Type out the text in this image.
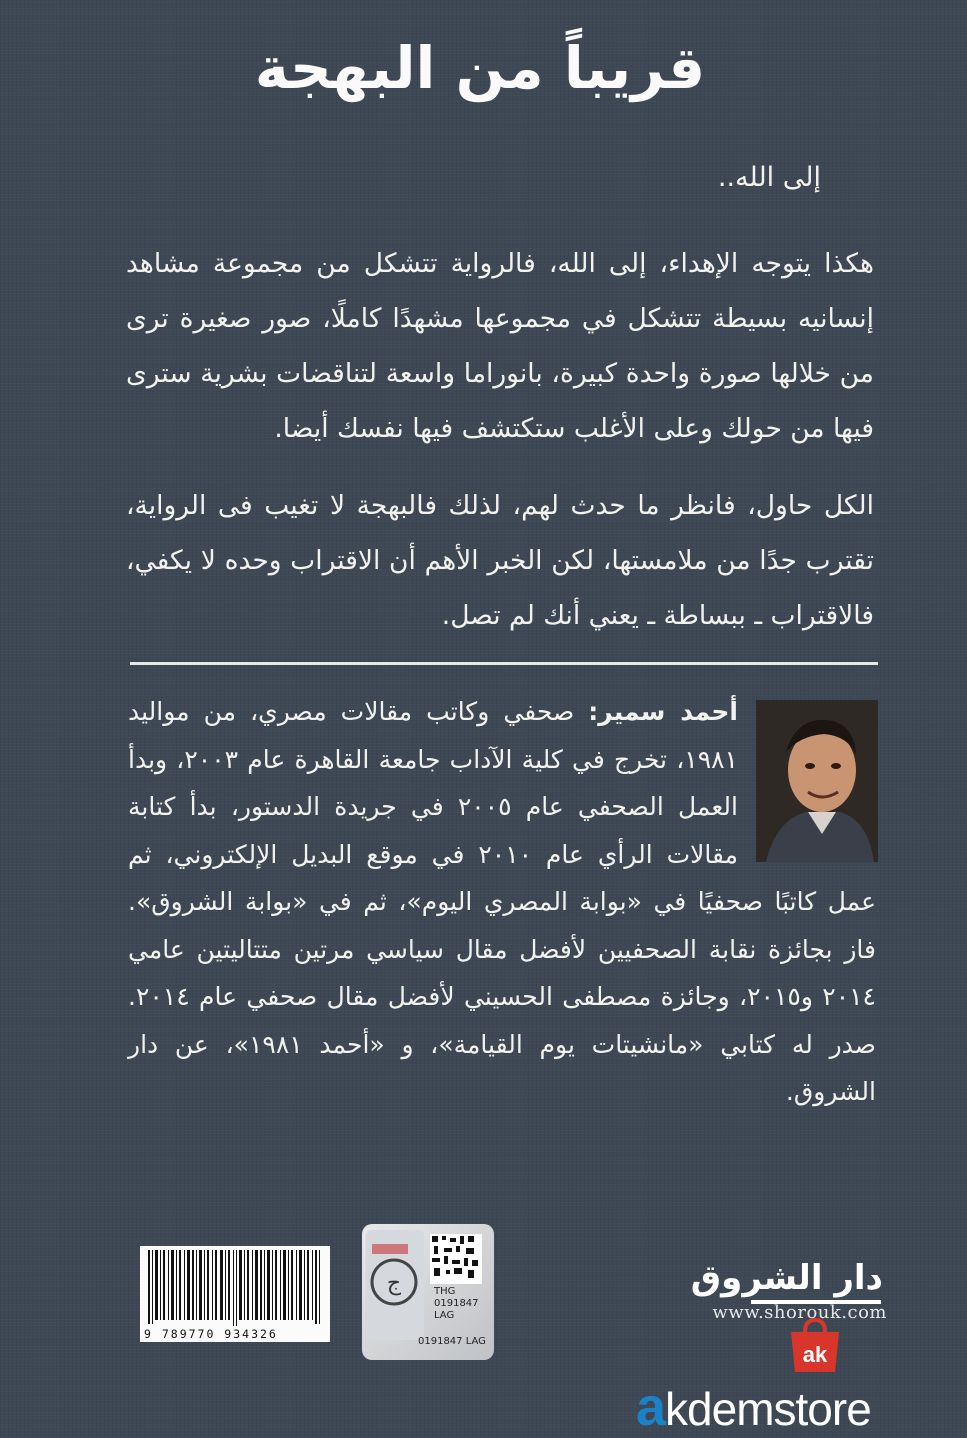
قريباً من البهجة
إلى الله..
هكذا يتوجه الإهداء، إلى الله، فالرواية تتشكل من مجموعة مشاهد إنسانيه بسيطة تتشكل في مجموعها مشهدًا كاملًا، صور صغيرة ترى من خلالها صورة واحدة كبيرة، بانوراما واسعة لتناقضات بشرية سترى فيها من حولك وعلى الأغلب ستكتشف فيها نفسك أيضا.
الكل حاول، فانظر ما حدث لهم، لذلك فالبهجة لا تغيب فى الرواية، تقترب جدًا من ملامستها، لكن الخبر الأهم أن الاقتراب وحده لا يكفي، فالاقتراب ـ ببساطة ـ يعني أنك لم تصل.
أحمد سمير: صحفي وكاتب مقالات مصري، من مواليد ١٩٨١، تخرج في كلية الآداب جامعة القاهرة عام ٢٠٠٣، وبدأ العمل الصحفي عام ٢٠٠٥ في جريدة الدستور، بدأ كتابة مقالات الرأي عام ٢٠١٠ في موقع البديل الإلكتروني، ثم عمل كاتبًا صحفيًا في «بوابة المصري اليوم»، ثم في «بوابة الشروق». فاز بجائزة نقابة الصحفيين لأفضل مقال سياسي مرتين متتاليتين عامي ٢٠١٤ و٢٠١٥، وجائزة مصطفى الحسيني لأفضل مقال صحفي عام ٢٠١٤. صدر له كتابي «مانشيتات يوم القيامة»، و «أحمد ١٩٨١»، عن دار الشروق.
9 789770 934326
ج	THG
0191847
LAG
0191847 LAG
دار الشروق
www.shorouk.com
ak
akdemstore
